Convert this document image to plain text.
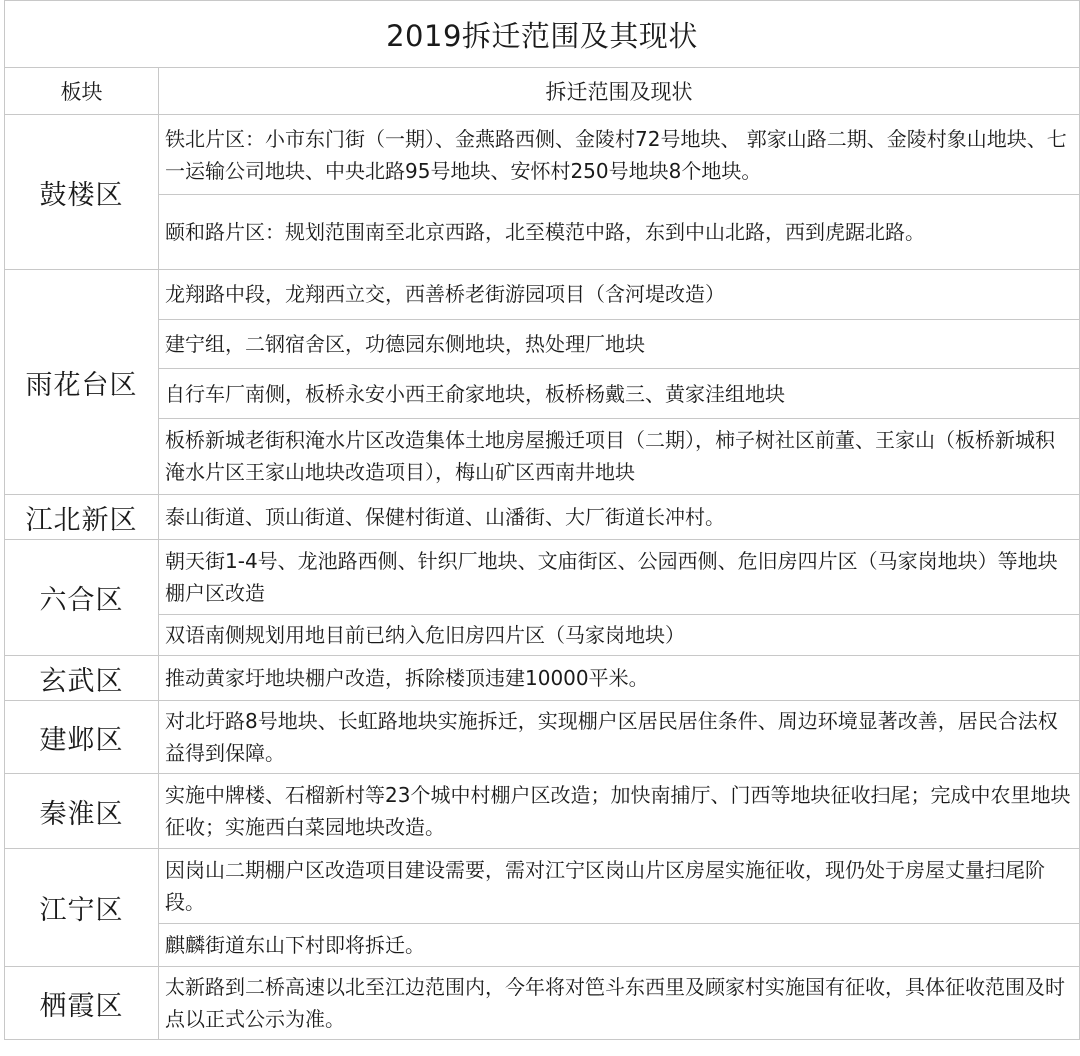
2019拆迁范围及其现状	
板块	拆迁范围及现状
鼓楼区	铁北片区：小市东门街（一期）、金燕路西侧、金陵村72号地块、 郭家山路二期、金陵村象山地块、七一运输公司地块、中央北路95号地块、安怀村250号地块8个地块。
	颐和路片区：规划范围南至北京西路，北至模范中路，东到中山北路，西到虎踞北路。
雨花台区	龙翔路中段，龙翔西立交，西善桥老街游园项目（含河堤改造）
	建宁组，二钢宿舍区，功德园东侧地块，热处理厂地块
	自行车厂南侧，板桥永安小西王俞家地块，板桥杨戴三、黄家洼组地块
	板桥新城老街积淹水片区改造集体土地房屋搬迁项目（二期），柿子树社区前董、王家山（板桥新城积淹水片区王家山地块改造项目），梅山矿区西南井地块
江北新区	泰山街道、顶山街道、保健村街道、山潘街、大厂街道长冲村。
六合区	朝天街1-4号、龙池路西侧、针织厂地块、文庙街区、公园西侧、危旧房四片区（马家岗地块）等地块棚户区改造
	双语南侧规划用地目前已纳入危旧房四片区（马家岗地块）
玄武区	推动黄家圩地块棚户改造，拆除楼顶违建10000平米。
建邺区	对北圩路8号地块、长虹路地块实施拆迁，实现棚户区居民居住条件、周边环境显著改善，居民合法权益得到保障。
秦淮区	实施中牌楼、石榴新村等23个城中村棚户区改造；加快南捕厅、门西等地块征收扫尾；完成中农里地块征收；实施西白菜园地块改造。
江宁区	因岗山二期棚户区改造项目建设需要，需对江宁区岗山片区房屋实施征收，现仍处于房屋丈量扫尾阶段。
	麒麟街道东山下村即将拆迁。
栖霞区	太新路到二桥高速以北至江边范围内，今年将对笆斗东西里及顾家村实施国有征收，具体征收范围及时点以正式公示为准。
